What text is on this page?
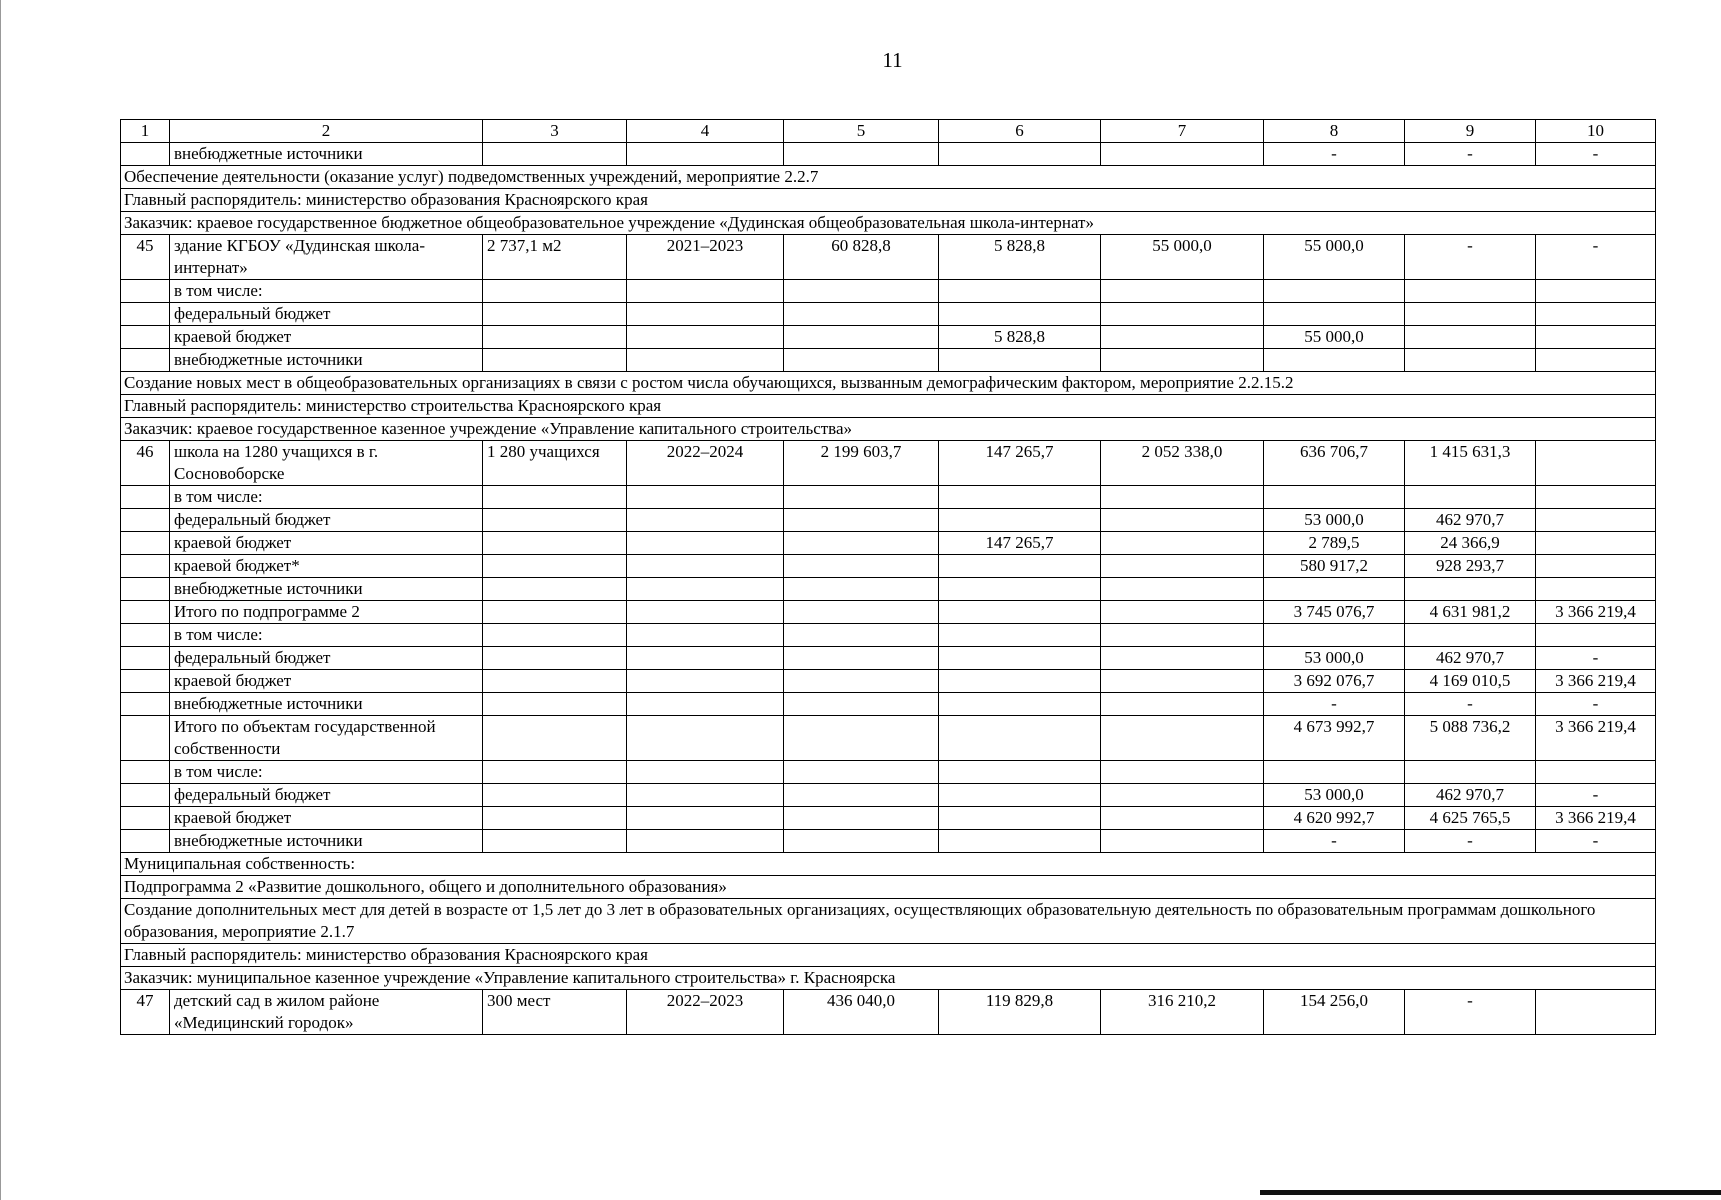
11
1	2	3	4	5	6	7	8	9	10
	внебюджетные источники						-	-	-
Обеспечение деятельности (оказание услуг) подведомственных учреждений, мероприятие 2.2.7									
Главный распорядитель: министерство образования Красноярского края									
Заказчик: краевое государственное бюджетное общеобразовательное учреждение «Дудинская общеобразовательная школа-интернат»									
45	здание КГБОУ «Дудинская школа-интернат»	2 737,1 м2	2021–2023	60 828,8	5 828,8	55 000,0	55 000,0	-	-
	в том числе:								
	федеральный бюджет								
	краевой бюджет				5 828,8		55 000,0		
	внебюджетные источники								
Создание новых мест в общеобразовательных организациях в связи с ростом числа обучающихся, вызванным демографическим фактором, мероприятие 2.2.15.2									
Главный распорядитель: министерство строительства Красноярского края									
Заказчик: краевое государственное казенное учреждение «Управление капитального строительства»									
46	школа на 1280 учащихся в г. Сосновоборске	1 280 учащихся	2022–2024	2 199 603,7	147 265,7	2 052 338,0	636 706,7	1 415 631,3	
	в том числе:								
	федеральный бюджет						53 000,0	462 970,7	
	краевой бюджет				147 265,7		2 789,5	24 366,9	
	краевой бюджет*						580 917,2	928 293,7	
	внебюджетные источники								
	Итого по подпрограмме 2						3 745 076,7	4 631 981,2	3 366 219,4
	в том числе:								
	федеральный бюджет						53 000,0	462 970,7	-
	краевой бюджет						3 692 076,7	4 169 010,5	3 366 219,4
	внебюджетные источники						-	-	-
	Итого по объектам государственной собственности						4 673 992,7	5 088 736,2	3 366 219,4
	в том числе:								
	федеральный бюджет						53 000,0	462 970,7	-
	краевой бюджет						4 620 992,7	4 625 765,5	3 366 219,4
	внебюджетные источники						-	-	-
Муниципальная собственность:									
Подпрограмма 2 «Развитие дошкольного, общего и дополнительного образования»									
Создание дополнительных мест для детей в возрасте от 1,5 лет до 3 лет в образовательных организациях, осуществляющих образовательную деятельность по образовательным программам дошкольного образования, мероприятие 2.1.7									
Главный распорядитель: министерство образования Красноярского края									
Заказчик: муниципальное казенное учреждение «Управление капитального строительства» г. Красноярска									
47	детский сад в жилом районе «Медицинский городок»	300 мест	2022–2023	436 040,0	119 829,8	316 210,2	154 256,0	-	
